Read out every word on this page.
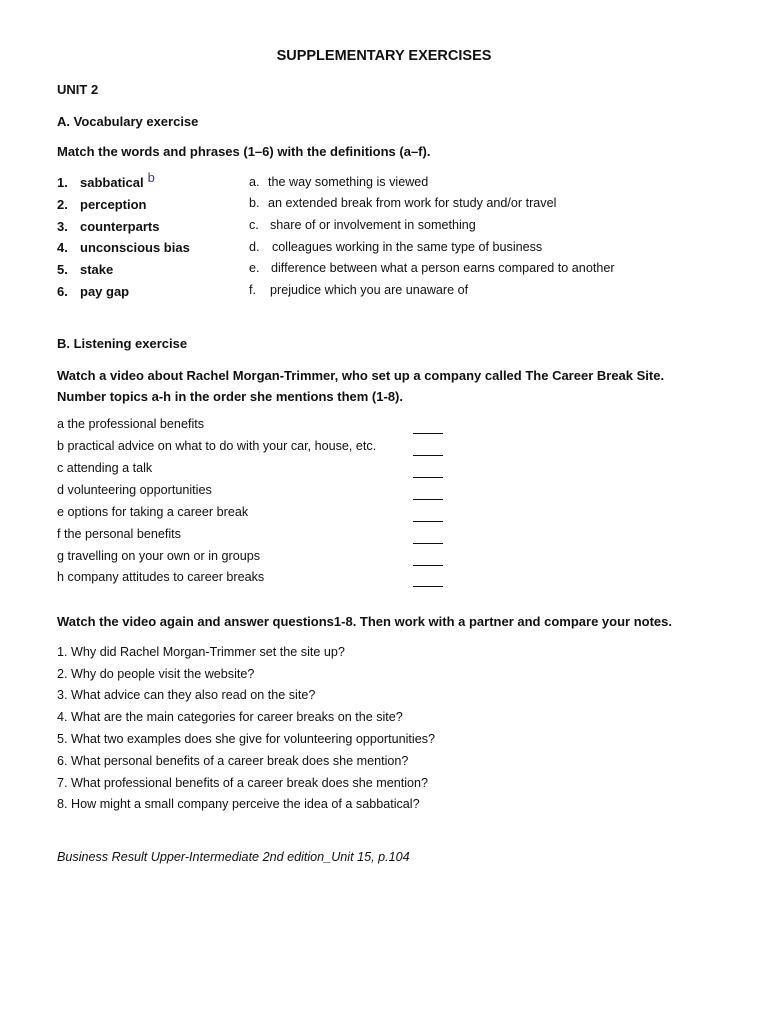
SUPPLEMENTARY EXERCISES
UNIT 2
A. Vocabulary exercise
Match the words and phrases (1–6) with the definitions (a–f).
1. sabbatical b
2. perception
3. counterparts
4. unconscious bias
5. stake
6. pay gap
a. the way something is viewed
b. an extended break from work for study and/or travel
c. share of or involvement in something
d. colleagues working in the same type of business
e. difference between what a person earns compared to another
f. prejudice which you are unaware of
B. Listening exercise
Watch a video about Rachel Morgan-Trimmer, who set up a company called The Career Break Site.
Number topics a-h in the order she mentions them (1-8).
a the professional benefits
b practical advice on what to do with your car, house, etc.
c attending a talk
d volunteering opportunities
e options for taking a career break
f the personal benefits
g travelling on your own or in groups
h company attitudes to career breaks
Watch the video again and answer questions1-8. Then work with a partner and compare your notes.
1. Why did Rachel Morgan-Trimmer set the site up?
2. Why do people visit the website?
3. What advice can they also read on the site?
4. What are the main categories for career breaks on the site?
5. What two examples does she give for volunteering opportunities?
6. What personal benefits of a career break does she mention?
7. What professional benefits of a career break does she mention?
8. How might a small company perceive the idea of a sabbatical?
Business Result Upper-Intermediate 2nd edition_Unit 15, p.104
